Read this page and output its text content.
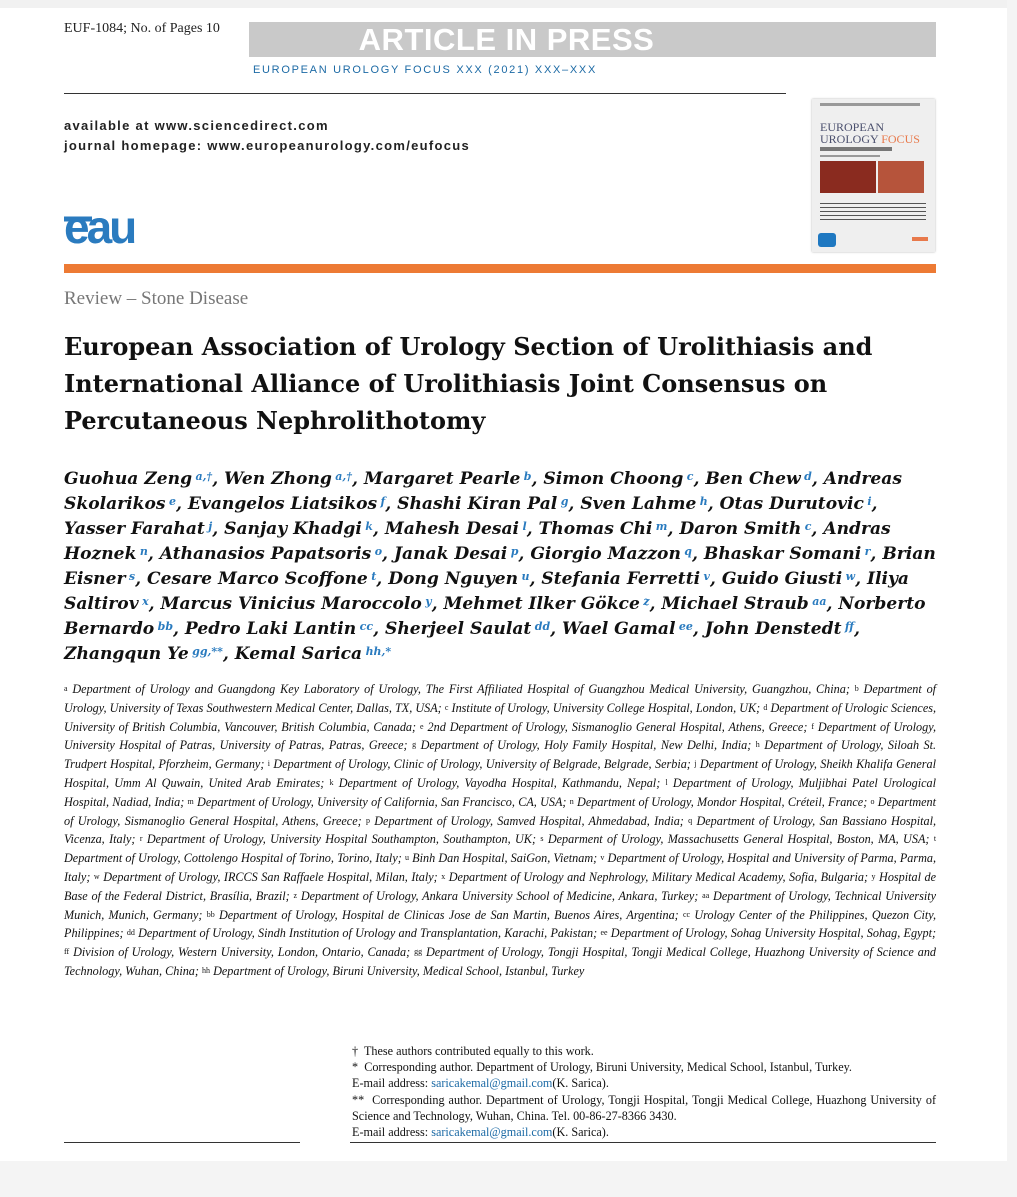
EUF-1084; No. of Pages 10	ARTICLE IN PRESS
EUROPEAN UROLOGY FOCUS XXX (2021) XXX–XXX
available at www.sciencedirect.com
journal homepage: www.europeanurology.com/eufocus
eau
EUROPEAN
UROLOGY FOCUS
Review – Stone Disease
European Association of Urology Section of Urolithiasis and International Alliance of Urolithiasis Joint Consensus on Percutaneous Nephrolithotomy
Guohua Zeng  $^{a,\dagger}$, Wen Zhong  $^{a,\dagger}$, Margaret Pearle  $^b$, Simon Choong  $^c$, Ben Chew  $^d$, Andreas Skolarikos  $^e$, Evangelos Liatsikos  $^f$, Shashi Kiran Pal  $^g$, Sven Lahme  $^h$, Otas Durutovic  $^i$, Yasser Farahat  $^j$, Sanjay Khadgi  $^k$, Mahesh Desai  $^l$, Thomas Chi  $^m$, Daron Smith  $^c$, Andras Hoznek  $^n$, Athanasios Papatsoris  $^o$, Janak Desai  $^p$, Giorgio Mazzon  $^q$, Bhaskar Somani  $^r$, Brian Eisner  $^s$, Cesare Marco Scoffone  $^t$, Dong Nguyen  $^u$, Stefania Ferretti  $^v$, Guido Giusti  $^w$, Iliya Saltirov  $^x$, Marcus Vinicius Maroccolo  $^y$, Mehmet Ilker Gökce  $^z$, Michael Straub  $^{aa}$, Norberto Bernardo  $^{bb}$, Pedro Laki Lantin  $^{cc}$, Sherjeel Saulat  $^{dd}$, Wael Gamal  $^{ee}$, John Denstedt  $^{ff}$, Zhangqun Ye  $^{gg,**}$, Kemal Sarica  $^{hh,*}$
$^a$ Department of Urology and Guangdong Key Laboratory of Urology, The First Affiliated Hospital of Guangzhou Medical University, Guangzhou, China; $^b$ Department of Urology, University of Texas Southwestern Medical Center, Dallas, TX, USA; $^c$ Institute of Urology, University College Hospital, London, UK; $^d$ Department of Urologic Sciences, University of British Columbia, Vancouver, British Columbia, Canada; $^e$ 2nd Department of Urology, Sismanoglio General Hospital, Athens, Greece; $^f$ Department of Urology, University Hospital of Patras, University of Patras, Patras, Greece; $^g$ Department of Urology, Holy Family Hospital, New Delhi, India; $^h$ Department of Urology, Siloah St. Trudpert Hospital, Pforzheim, Germany; $^i$ Department of Urology, Clinic of Urology, University of Belgrade, Belgrade, Serbia; $^j$ Department of Urology, Sheikh Khalifa General Hospital, Umm Al Quwain, United Arab Emirates; $^k$ Department of Urology, Vayodha Hospital, Kathmandu, Nepal; $^l$ Department of Urology, Muljibhai Patel Urological Hospital, Nadiad, India; $^m$ Department of Urology, University of California, San Francisco, CA, USA; $^n$ Department of Urology, Mondor Hospital, Créteil, France; $^o$ Department of Urology, Sismanoglio General Hospital, Athens, Greece; $^p$ Department of Urology, Samved Hospital, Ahmedabad, India; $^q$ Department of Urology, San Bassiano Hospital, Vicenza, Italy; $^r$ Department of Urology, University Hospital Southampton, Southampton, UK; $^s$ Deparment of Urology, Massachusetts General Hospital, Boston, MA, USA; $^t$ Department of Urology, Cottolengo Hospital of Torino, Torino, Italy; $^u$ Binh Dan Hospital, SaiGon, Vietnam; $^v$ Department of Urology, Hospital and University of Parma, Parma, Italy; $^w$ Department of Urology, IRCCS San Raffaele Hospital, Milan, Italy; $^x$ Department of Urology and Nephrology, Military Medical Academy, Sofia, Bulgaria; $^y$ Hospital de Base of the Federal District, Brasília, Brazil; $^z$ Department of Urology, Ankara University School of Medicine, Ankara, Turkey; $^{aa}$ Department of Urology, Technical University Munich, Munich, Germany; $^{bb}$ Department of Urology, Hospital de Clinicas Jose de San Martin, Buenos Aires, Argentina; $^{cc}$ Urology Center of the Philippines, Quezon City, Philippines; $^{dd}$ Department of Urology, Sindh Institution of Urology and Transplantation, Karachi, Pakistan; $^{ee}$ Department of Urology, Sohag University Hospital, Sohag, Egypt; $^{ff}$ Division of Urology, Western University, London, Ontario, Canada; $^{gg}$ Department of Urology, Tongji Hospital, Tongji Medical College, Huazhong University of Science and Technology, Wuhan, China; $^{hh}$ Department of Urology, Biruni University, Medical School, Istanbul, Turkey
† These authors contributed equally to this work.
* Corresponding author. Department of Urology, Biruni University, Medical School, Istanbul, Turkey.
E-mail address: saricakemal@gmail.com(K. Sarica).
** Corresponding author. Department of Urology, Tongji Hospital, Tongji Medical College, Huazhong University of Science and Technology, Wuhan, China. Tel. 00-86-27-8366 3430.
E-mail address: saricakemal@gmail.com(K. Sarica).
